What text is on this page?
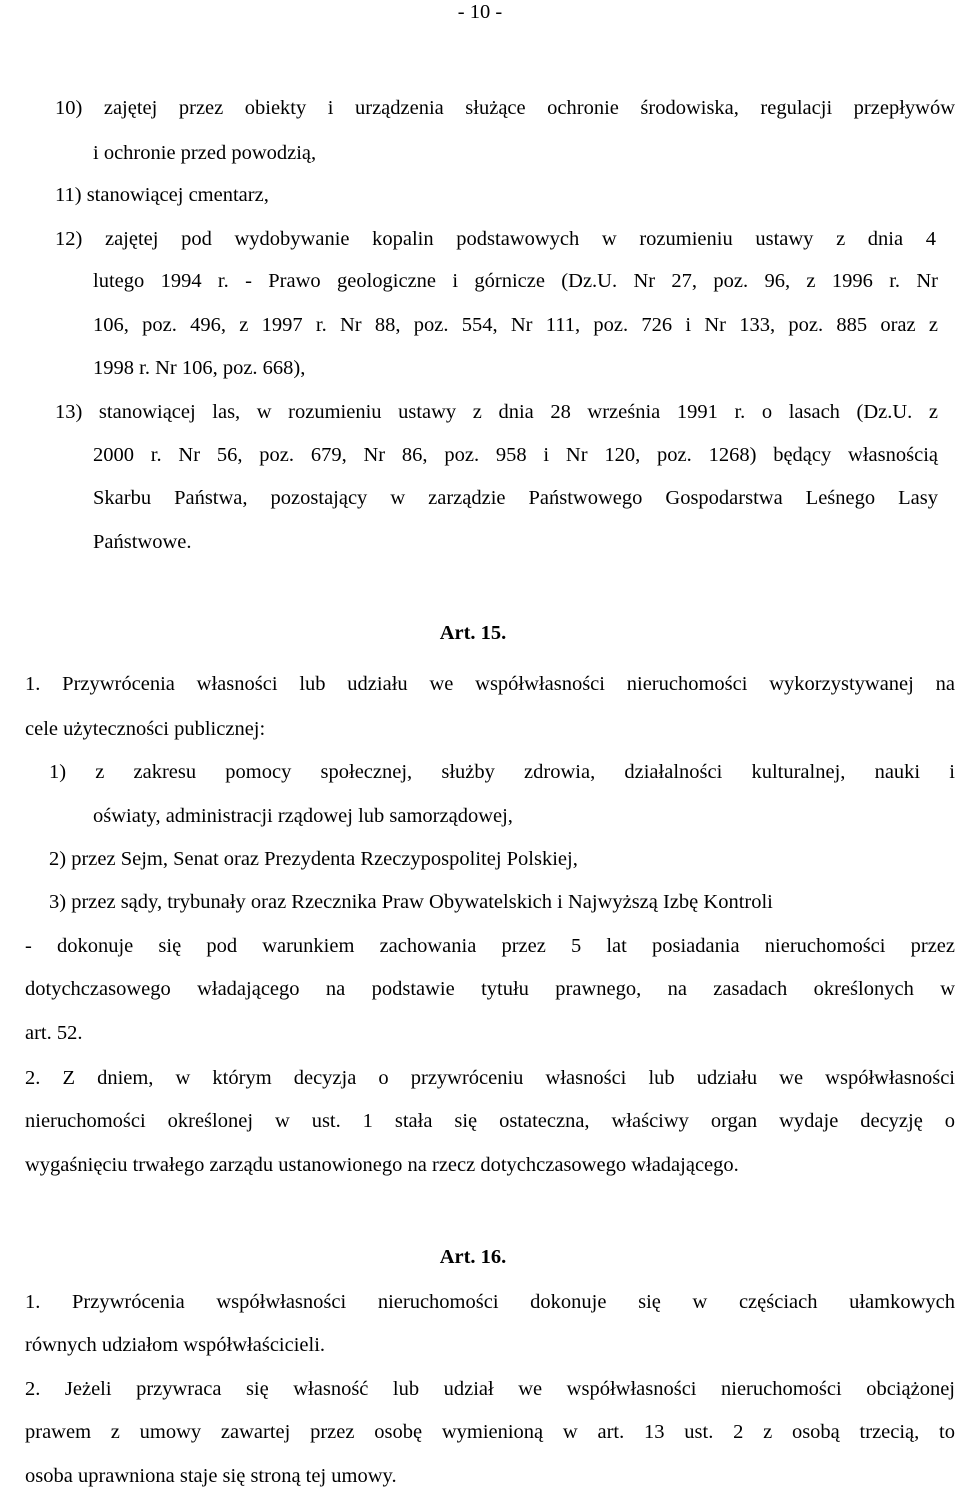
- 10 -
10) zajętej przez obiekty i urządzenia służące ochronie środowiska, regulacji przepływów
i ochronie przed powodzią,
11) stanowiącej cmentarz,
12) zajętej pod wydobywanie kopalin podstawowych w rozumieniu ustawy z dnia 4
lutego 1994 r. - Prawo geologiczne i górnicze (Dz.U. Nr 27, poz. 96, z 1996 r. Nr
106, poz. 496, z 1997 r. Nr 88, poz. 554, Nr 111, poz. 726 i Nr 133, poz. 885 oraz z
1998 r. Nr 106, poz. 668),
13) stanowiącej las, w rozumieniu ustawy z dnia 28 września 1991 r. o lasach (Dz.U. z
2000 r. Nr 56, poz. 679, Nr 86, poz. 958 i Nr 120, poz. 1268) będący własnością
Skarbu Państwa, pozostający w zarządzie Państwowego Gospodarstwa Leśnego Lasy
Państwowe.
Art. 15.
1. Przywrócenia własności lub udziału we współwłasności nieruchomości wykorzystywanej na
cele użyteczności publicznej:
1) z zakresu pomocy społecznej, służby zdrowia, działalności kulturalnej, nauki i
oświaty, administracji rządowej lub samorządowej,
2) przez Sejm, Senat oraz Prezydenta Rzeczypospolitej Polskiej,
3) przez sądy, trybunały oraz Rzecznika Praw Obywatelskich i Najwyższą Izbę Kontroli
- dokonuje się pod warunkiem zachowania przez 5 lat posiadania nieruchomości przez
dotychczasowego władającego na podstawie tytułu prawnego, na zasadach określonych w
art. 52.
2. Z dniem, w którym decyzja o przywróceniu własności lub udziału we współwłasności
nieruchomości określonej w ust. 1 stała się ostateczna, właściwy organ wydaje decyzję o
wygaśnięciu trwałego zarządu ustanowionego na rzecz dotychczasowego władającego.
Art. 16.
1. Przywrócenia współwłasności nieruchomości dokonuje się w częściach ułamkowych
równych udziałom współwłaścicieli.
2. Jeżeli przywraca się własność lub udział we współwłasności nieruchomości obciążonej
prawem z umowy zawartej przez osobę wymienioną w art. 13 ust. 2 z osobą trzecią, to
osoba uprawniona staje się stroną tej umowy.
